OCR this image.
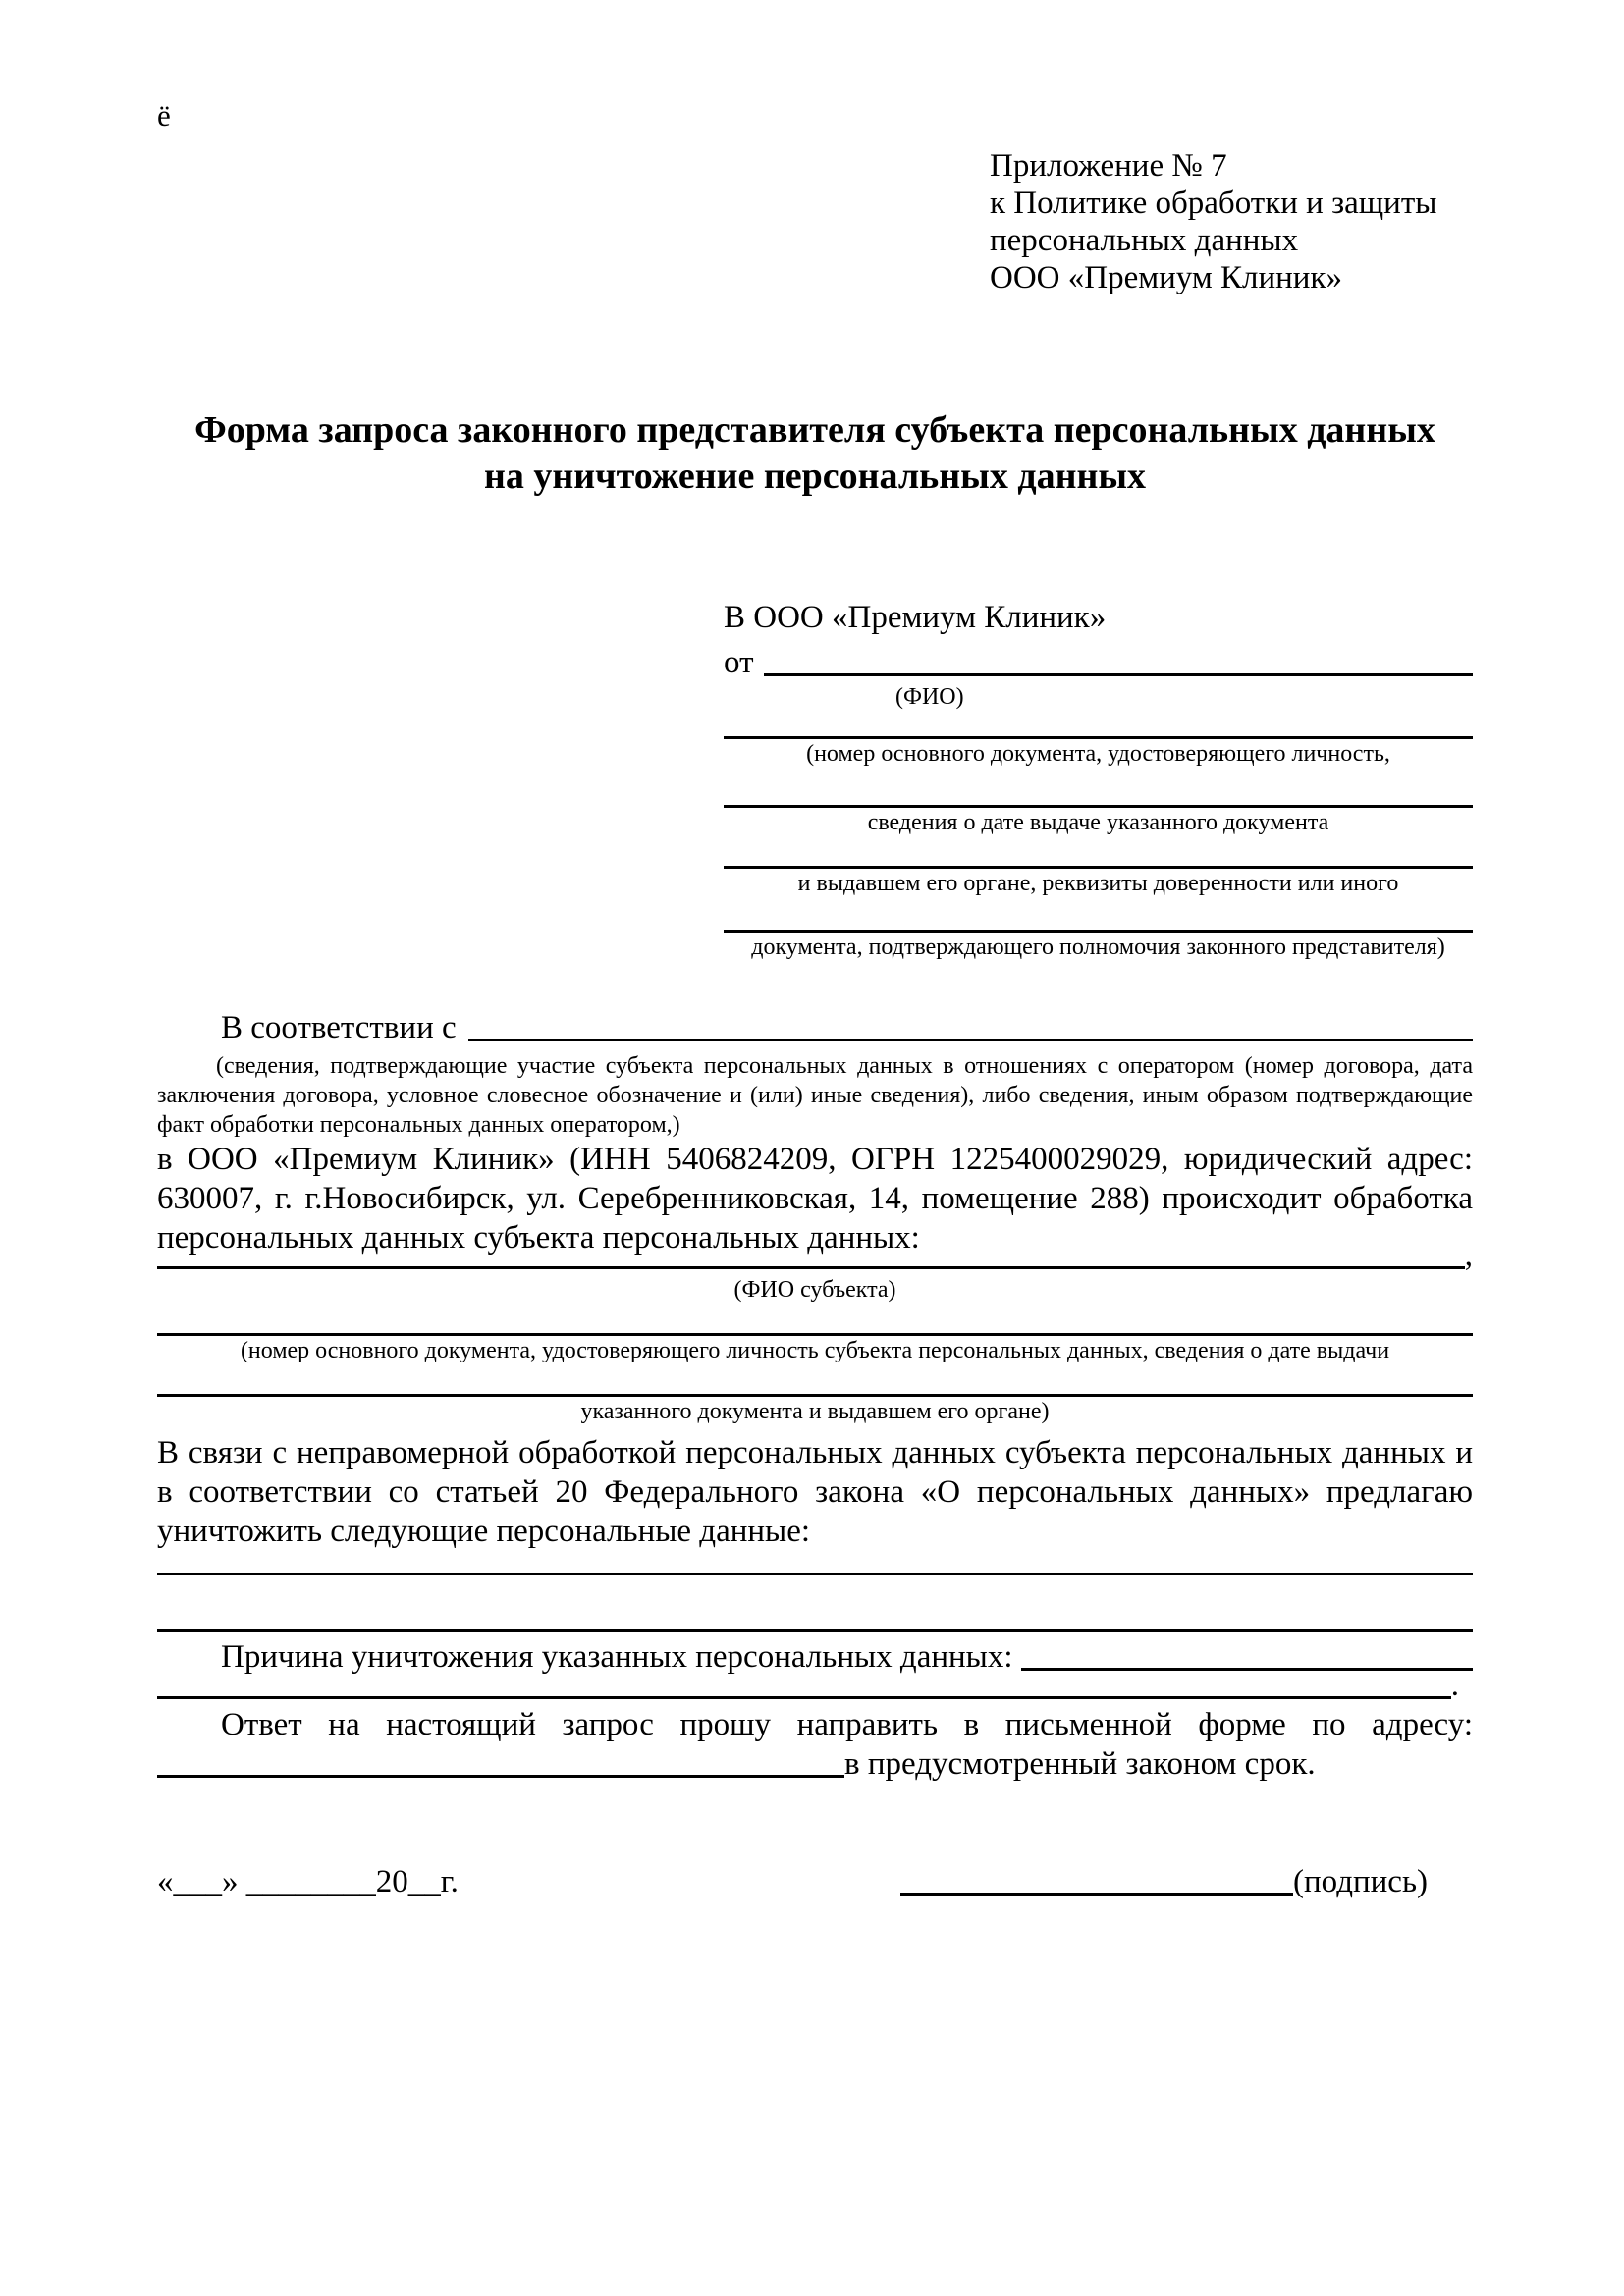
ё
Приложение № 7
к Политике обработки и защиты
персональных данных
ООО «Премиум Клиник»
Форма запроса законного представителя субъекта персональных данных
на уничтожение персональных данных
В ООО «Премиум Клиник»
от
(ФИО)
(номер основного документа, удостоверяющего личность,
сведения о дате выдаче указанного документа
и выдавшем его органе, реквизиты доверенности или иного
документа, подтверждающего полномочия законного представителя)
В соответствии с
(сведения, подтверждающие участие субъекта персональных данных в отношениях с оператором (номер договора, дата заключения договора, условное словесное обозначение и (или) иные сведения), либо сведения, иным образом подтверждающие факт обработки персональных данных оператором,)
в ООО «Премиум Клиник» (ИНН 5406824209, ОГРН 1225400029029, юридический адрес: 630007, г. г.Новосибирск, ул. Серебренниковская, 14, помещение 288) происходит обработка персональных данных субъекта персональных данных:	,
(ФИО субъекта)
(номер основного документа, удостоверяющего личность субъекта персональных данных, сведения о дате выдачи
указанного документа и выдавшем его органе)
В связи с неправомерной обработкой персональных данных субъекта персональных данных и в соответствии со статьей 20 Федерального закона «О персональных данных» предлагаю уничтожить следующие персональные данные:
Причина уничтожения указанных персональных данных:
.
Ответ на настоящий запрос прошу направить в письменной форме по адресу:
в предусмотренный законом срок.
«___» ________20__г.	(подпись)
